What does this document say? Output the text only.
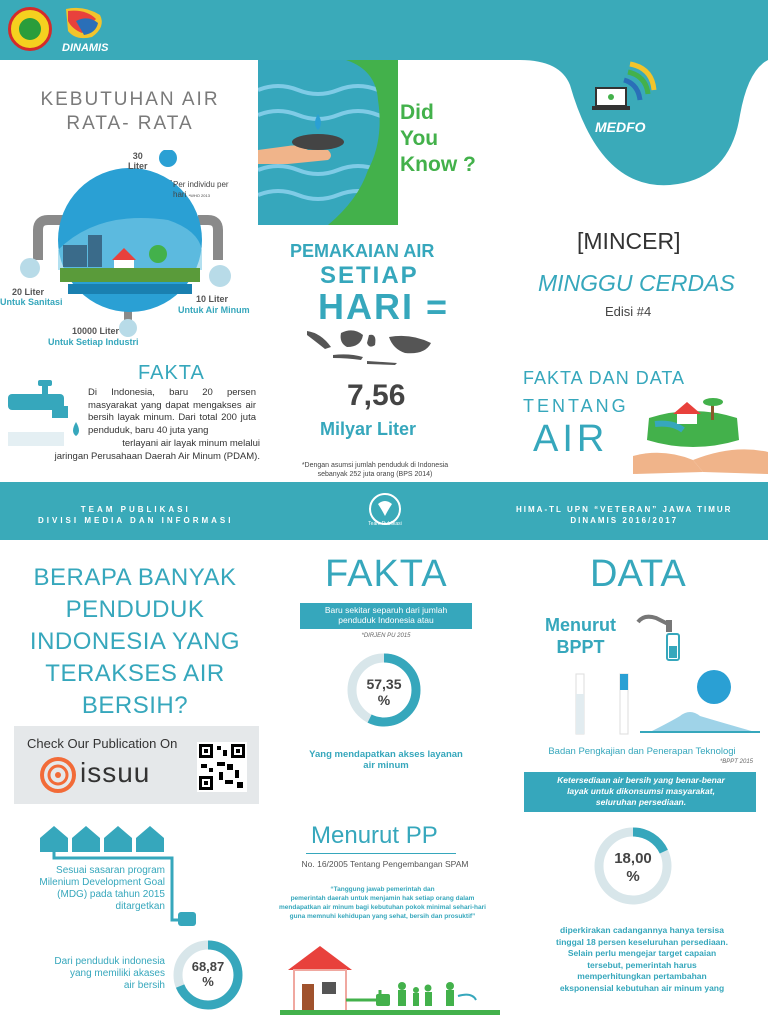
DINAMIS
MEDFO
KEBUTUHAN AIR
RATA- RATA
30
Liter
Per individu per
hari *WHO 2013
20 Liter
Untuk Sanitasi	10 Liter
Untuk Air Minum
10000 Liter
Untuk Setiap Industri
FAKTA
Di Indonesia, baru 20 persen masyarakat yang dapat mengakses air bersih layak minum. Dari total 200 juta penduduk, baru 40 juta yang
terlayani air layak minum melalui
jaringan Perusahaan Daerah Air Minum (PDAM).
Did
You
Know ?
PEMAKAIAN AIR
SETIAP
HARI =
7,56
Milyar Liter
*Dengan asumsi jumlah penduduk di Indonesia
sebanyak 252 juta orang (BPS 2014)
[MINCER]
MINGGU CERDAS
Edisi #4
FAKTA DAN DATA
TENTANG
AIR
TEAM PUBLIKASI
DIVISI MEDIA DAN INFORMASI	Team Publikasi
HIMA-TL UPN “VETERAN” JAWA TIMUR
DINAMIS 2016/2017
BERAPA BANYAK
PENDUDUK
INDONESIA YANG
TERAKSES AIR
BERSIH?
Check Our Publication On
issuu
Sesuai sasaran program
Milenium Development Goal
(MDG) pada tahun 2015
ditargetkan
Dari penduduk indonesia
yang memiliki akases
air bersih
68,87
%
FAKTA
Baru sekitar separuh dari jumlah
penduduk Indonesia atau
*DIRJEN PU 2015
57,35
%
Yang mendapatkan akses layanan
air minum
Menurut PP
No. 16/2005 Tentang Pengembangan SPAM
“Tanggung jawab pemerintah dan
pemerintah daerah untuk menjamin hak setiap orang dalam
mendapatkan air minum bagi kebutuhan pokok minimal sehari-hari
guna memnuhi kehidupan yang sehat, bersih dan prosuktif”
DATA
Menurut
BPPT
Badan Pengkajian dan Penerapan Teknologi
*BPPT 2015
Ketersediaan air bersih yang benar-benar
layak untuk dikonsumsi masyarakat,
seluruhan persediaan.
18,00
%
diperkirakan cadangannya hanya tersisa
tinggal 18 persen keseluruhan persediaan.
Selain perlu mengejar target capaian
tersebut, pemerintah harus
memperhitungkan pertambahan
eksponensial kebutuhan air minum yang
